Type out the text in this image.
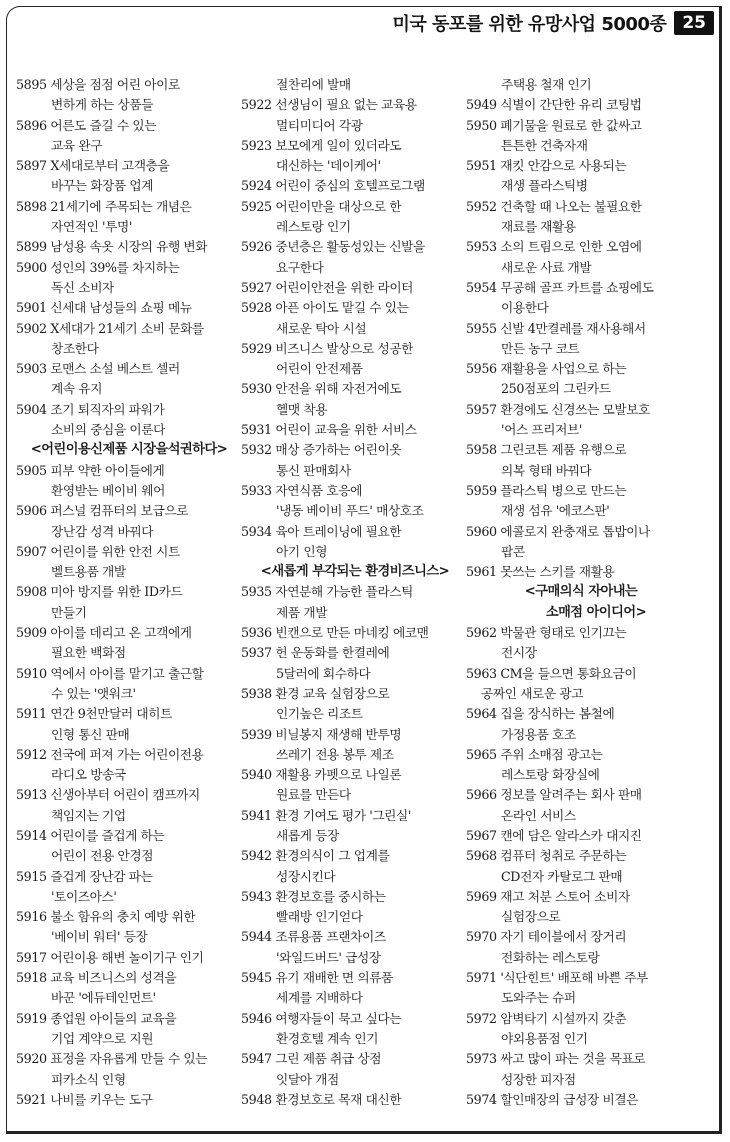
미국 동포를 위한 유망사업 5000종 25
5895 세상을 점점 어린 아이로
변하게 하는 상품들
5896 어른도 즐길 수 있는
교육 완구
5897 X세대로부터 고객층을
바꾸는 화장품 업계
5898 21세기에 주목되는 개념은
자연적인 '투명'
5899 남성용 속옷 시장의 유행 변화
5900 성인의 39%를 차지하는
독신 소비자
5901 신세대 남성들의 쇼핑 메뉴
5902 X세대가 21세기 소비 문화를
창조한다
5903 로맨스 소설 베스트 셀러
계속 유지
5904 조기 퇴직자의 파워가
소비의 중심을 이룬다
<어린이용신제품 시장을석권하다>
5905 피부 약한 아이들에게
환영받는 베이비 웨어
5906 퍼스널 컴퓨터의 보급으로
장난감 성격 바꿔다
5907 어린이를 위한 안전 시트
벨트용품 개발
5908 미아 방지를 위한 ID카드
만들기
5909 아이를 데리고 온 고객에게
필요한 백화점
5910 역에서 아이를 맡기고 출근할
수 있는 '앳워크'
5911 연간 9천만달러 대히트
인형 통신 판매
5912 전국에 퍼져 가는 어린이전용
라디오 방송국
5913 신생아부터 어린이 캠프까지
책임지는 기업
5914 어린이를 즐겁게 하는
어린이 전용 안경점
5915 즐겁게 장난감 파는
'토이즈아스'
5916 불소 함유의 충치 예방 위한
'베이비 워터' 등장
5917 어린이용 해변 놀이기구 인기
5918 교육 비즈니스의 성격을
바꾼 '에듀테인먼트'
5919 종업원 아이들의 교육을
기업 계약으로 지원
5920 표정을 자유롭게 만들 수 있는
피카소식 인형
5921 나비를 키우는 도구
절찬리에 발매
5922 선생님이 필요 없는 교육용
멀티미디어 각광
5923 보모에게 일이 있더라도
대신하는 '데이케어'
5924 어린이 중심의 호텔프로그램
5925 어린이만을 대상으로 한
레스토랑 인기
5926 중년층은 활동성있는 신발을
요구한다
5927 어린이안전을 위한 라이터
5928 아픈 아이도 맡길 수 있는
새로운 탁아 시설
5929 비즈니스 발상으로 성공한
어린이 안전제품
5930 안전을 위해 자전거에도
헬맷 착용
5931 어린이 교육을 위한 서비스
5932 매상 증가하는 어린이옷
통신 판매회사
5933 자연식품 호응에
'냉동 베이비 푸드' 매상호조
5934 육아 트레이닝에 필요한
아기 인형
<새롭게 부각되는 환경비즈니스>
5935 자연분해 가능한 플라스틱
제품 개발
5936 빈캔으로 만든 마네킹 에코맨
5937 헌 운동화를 한켤레에
5달러에 회수하다
5938 환경 교육 실험장으로
인기높은 리조트
5939 비닐봉지 재생해 반투명
쓰레기 전용 봉투 제조
5940 재활용 카펫으로 나일론
원료를 만든다
5941 환경 기여도 평가 '그린실'
새롭게 등장
5942 환경의식이 그 업계를
성장시킨다
5943 환경보호를 중시하는
빨래방 인기얻다
5944 조류용품 프랜차이즈
'와일드버드' 급성장
5945 유기 재배한 면 의류품
세계를 지배하다
5946 여행자들이 묵고 싶다는
환경호텔 계속 인기
5947 그린 제품 취급 상점
잇달아 개점
5948 환경보호로 목재 대신한
주택용 철재 인기
5949 식별이 간단한 유리 코팅법
5950 폐기물을 원료로 한 값싸고
튼튼한 건축자재
5951 재킷 안감으로 사용되는
재생 플라스틱병
5952 건축할 때 나오는 불필요한
재료를 재활용
5953 소의 트림으로 인한 오염에
새로운 사료 개발
5954 무공해 골프 카트를 쇼핑에도
이용한다
5955 신발 4만켤레를 재사용해서
만든 농구 코트
5956 재활용을 사업으로 하는
250점포의 그린카드
5957 환경에도 신경쓰는 모발보호
'어스 프리저브'
5958 그린코튼 제품 유행으로
의복 형태 바꿔다
5959 플라스틱 병으로 만드는
재생 섬유 '에코스판'
5960 에콜로지 완충재로 톱밥이나
팝콘
5961 못쓰는 스키를 재활용
<구매의식 자아내는
소매점 아이디어>
5962 박물관 형태로 인기끄는
전시장
5963 CM을 들으면 통화요금이
공짜인 새로운 광고
5964 집을 장식하는 봄철에
가정용품 호조
5965 주위 소매점 광고는
레스토랑 화장실에
5966 정보를 알려주는 회사 판매
온라인 서비스
5967 캔에 담은 알라스카 대지진
5968 컴퓨터 청취로 주문하는
CD전자 카탈로그 판매
5969 재고 처분 스토어 소비자
실험장으로
5970 자기 테이블에서 장거리
전화하는 레스토랑
5971 '식단힌트' 배포해 바쁜 주부
도와주는 슈퍼
5972 암벽타기 시설까지 갖춘
야외용품점 인기
5973 싸고 많이 파는 것을 목표로
성장한 피자점
5974 할인매장의 급성장 비결은
